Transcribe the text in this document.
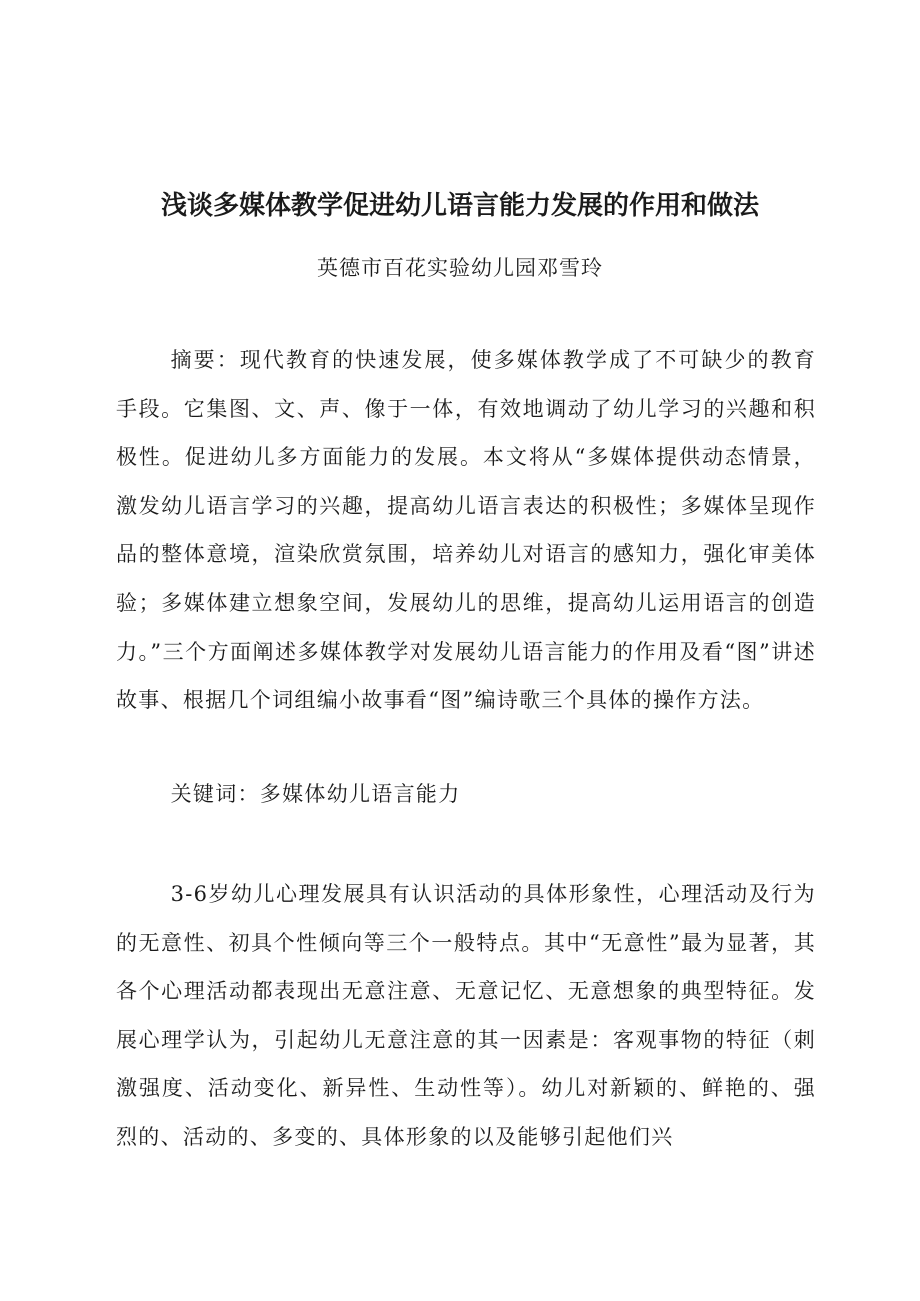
浅谈多媒体教学促进幼儿语言能力发展的作用和做法
英德市百花实验幼儿园邓雪玲

摘要：现代教育的快速发展，使多媒体教学成了不可缺少的教育手段。它集图、文、声、像于一体，有效地调动了幼儿学习的兴趣和积极性。促进幼儿多方面能力的发展。本文将从“多媒体提供动态情景，激发幼儿语言学习的兴趣，提高幼儿语言表达的积极性；多媒体呈现作品的整体意境，渲染欣赏氛围，培养幼儿对语言的感知力，强化审美体验；多媒体建立想象空间，发展幼儿的思维，提高幼儿运用语言的创造力。”三个方面阐述多媒体教学对发展幼儿语言能力的作用及看“图”讲述故事、根据几个词组编小故事看“图”编诗歌三个具体的操作方法。

关键词：多媒体幼儿语言能力

3-6岁幼儿心理发展具有认识活动的具体形象性，心理活动及行为的无意性、初具个性倾向等三个一般特点。其中“无意性”最为显著，其各个心理活动都表现出无意注意、无意记忆、无意想象的典型特征。发展心理学认为，引起幼儿无意注意的其一因素是：客观事物的特征（刺激强度、活动变化、新异性、生动性等）。幼儿对新颖的、鲜艳的、强烈的、活动的、多变的、具体形象的以及能够引起他们兴
